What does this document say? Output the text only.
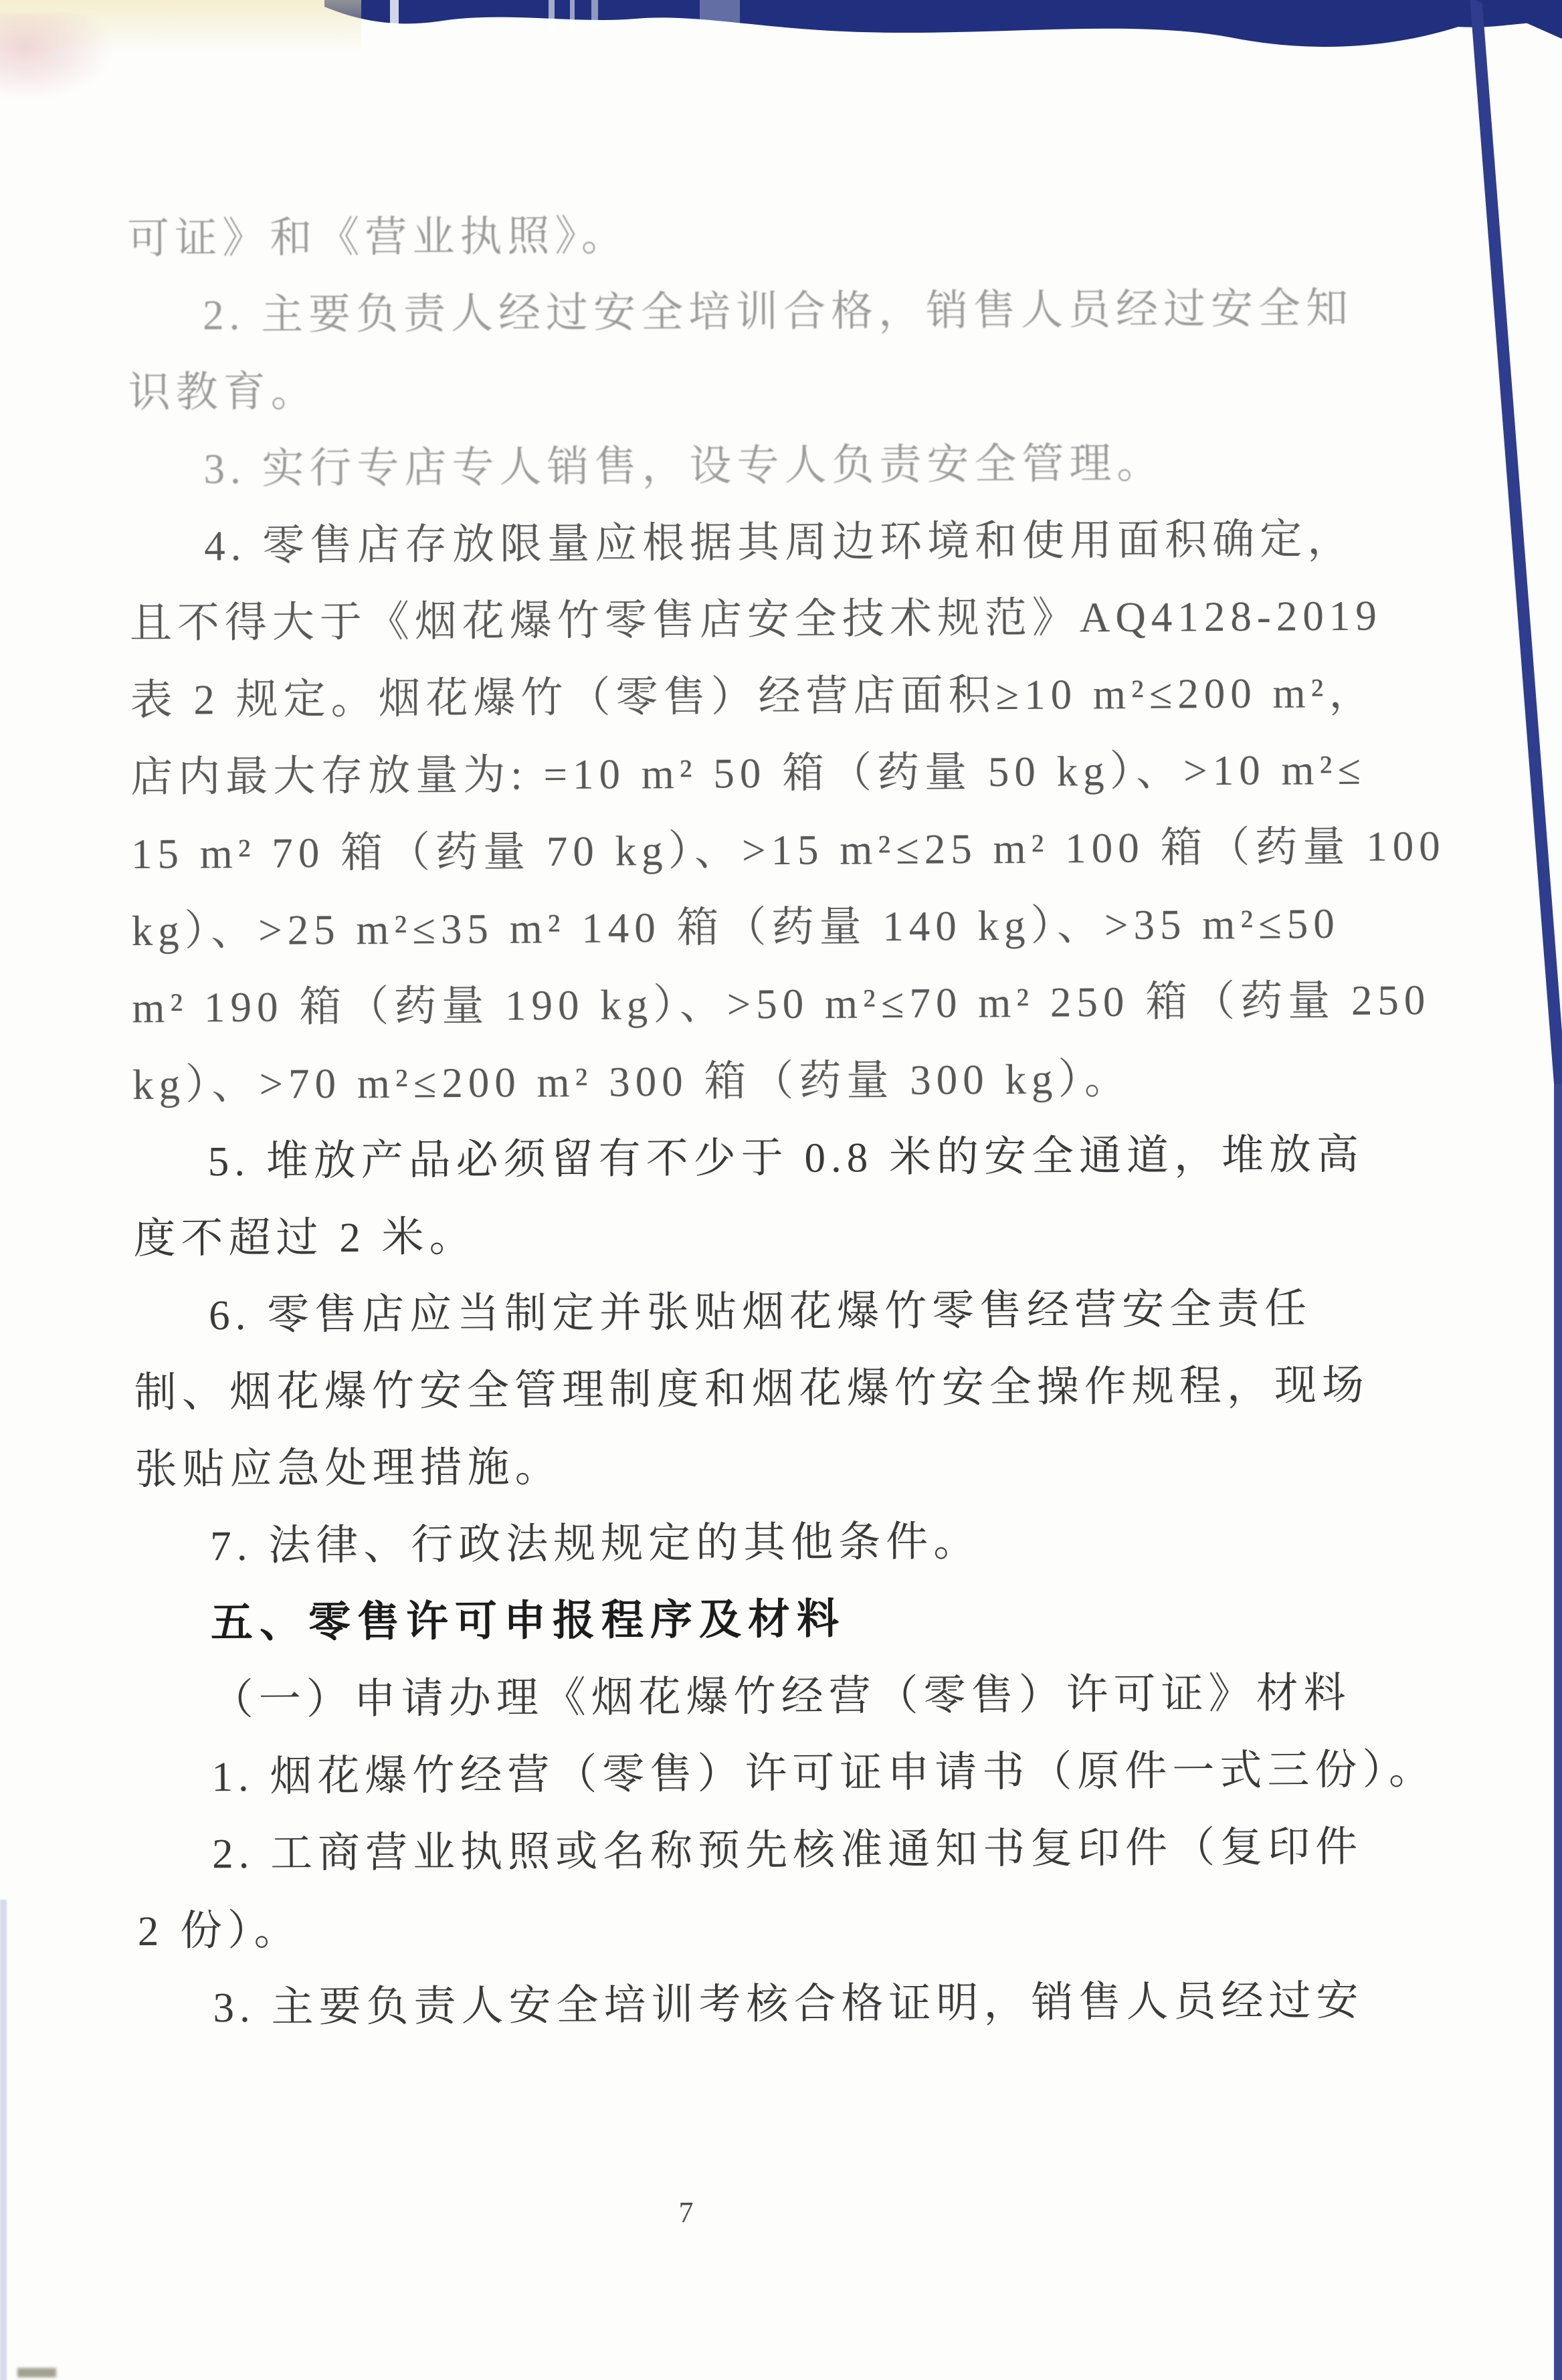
可证》和《营业执照》。
2. 主要负责人经过安全培训合格，销售人员经过安全知
识教育。
3. 实行专店专人销售，设专人负责安全管理。
4. 零售店存放限量应根据其周边环境和使用面积确定，
且不得大于《烟花爆竹零售店安全技术规范》AQ4128-2019
表 2 规定。烟花爆竹（零售）经营店面积≥10 m²≤200 m²，
店内最大存放量为: =10 m² 50 箱（药量 50 kg）、>10 m²≤
15 m² 70 箱（药量 70 kg）、>15 m²≤25 m² 100 箱（药量 100
kg）、>25 m²≤35 m² 140 箱（药量 140 kg）、>35 m²≤50
m² 190 箱（药量 190 kg）、>50 m²≤70 m² 250 箱（药量 250
kg）、>70 m²≤200 m² 300 箱（药量 300 kg）。
5. 堆放产品必须留有不少于 0.8 米的安全通道，堆放高
度不超过 2 米。
6. 零售店应当制定并张贴烟花爆竹零售经营安全责任
制、烟花爆竹安全管理制度和烟花爆竹安全操作规程，现场
张贴应急处理措施。
7. 法律、行政法规规定的其他条件。
五、零售许可申报程序及材料
（一）申请办理《烟花爆竹经营（零售）许可证》材料
1. 烟花爆竹经营（零售）许可证申请书（原件一式三份）。
2. 工商营业执照或名称预先核准通知书复印件（复印件
2 份）。
3. 主要负责人安全培训考核合格证明，销售人员经过安
7
